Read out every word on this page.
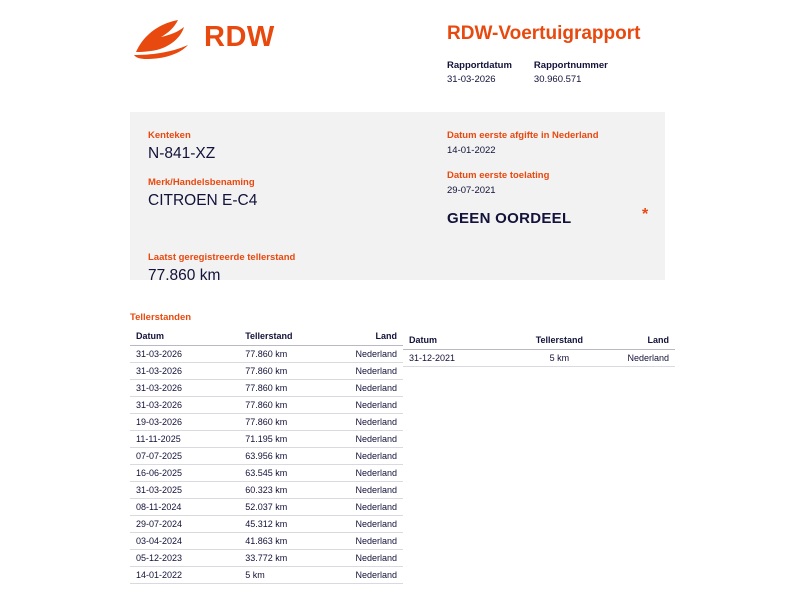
RDW	RDW-Voertuigrapport
Rapportdatum
31-03-2026
Rapportnummer
30.960.571
Kenteken
N-841-XZ
Merk/Handelsbenaming
CITROEN E-C4
Laatst geregistreerde tellerstand
77.860 km
Datum eerste afgifte in Nederland
14-01-2022
Datum eerste toelating
29-07-2021
GEEN OORDEEL	*
Tellerstanden
Datum	Tellerstand	Land
31-03-2026	77.860 km	Nederland
31-03-2026	77.860 km	Nederland
31-03-2026	77.860 km	Nederland
31-03-2026	77.860 km	Nederland
19-03-2026	77.860 km	Nederland
11-11-2025	71.195 km	Nederland
07-07-2025	63.956 km	Nederland
16-06-2025	63.545 km	Nederland
31-03-2025	60.323 km	Nederland
08-11-2024	52.037 km	Nederland
29-07-2024	45.312 km	Nederland
03-04-2024	41.863 km	Nederland
05-12-2023	33.772 km	Nederland
14-01-2022	5 km	Nederland

Datum	Tellerstand	Land
31-12-2021	5 km	Nederland
